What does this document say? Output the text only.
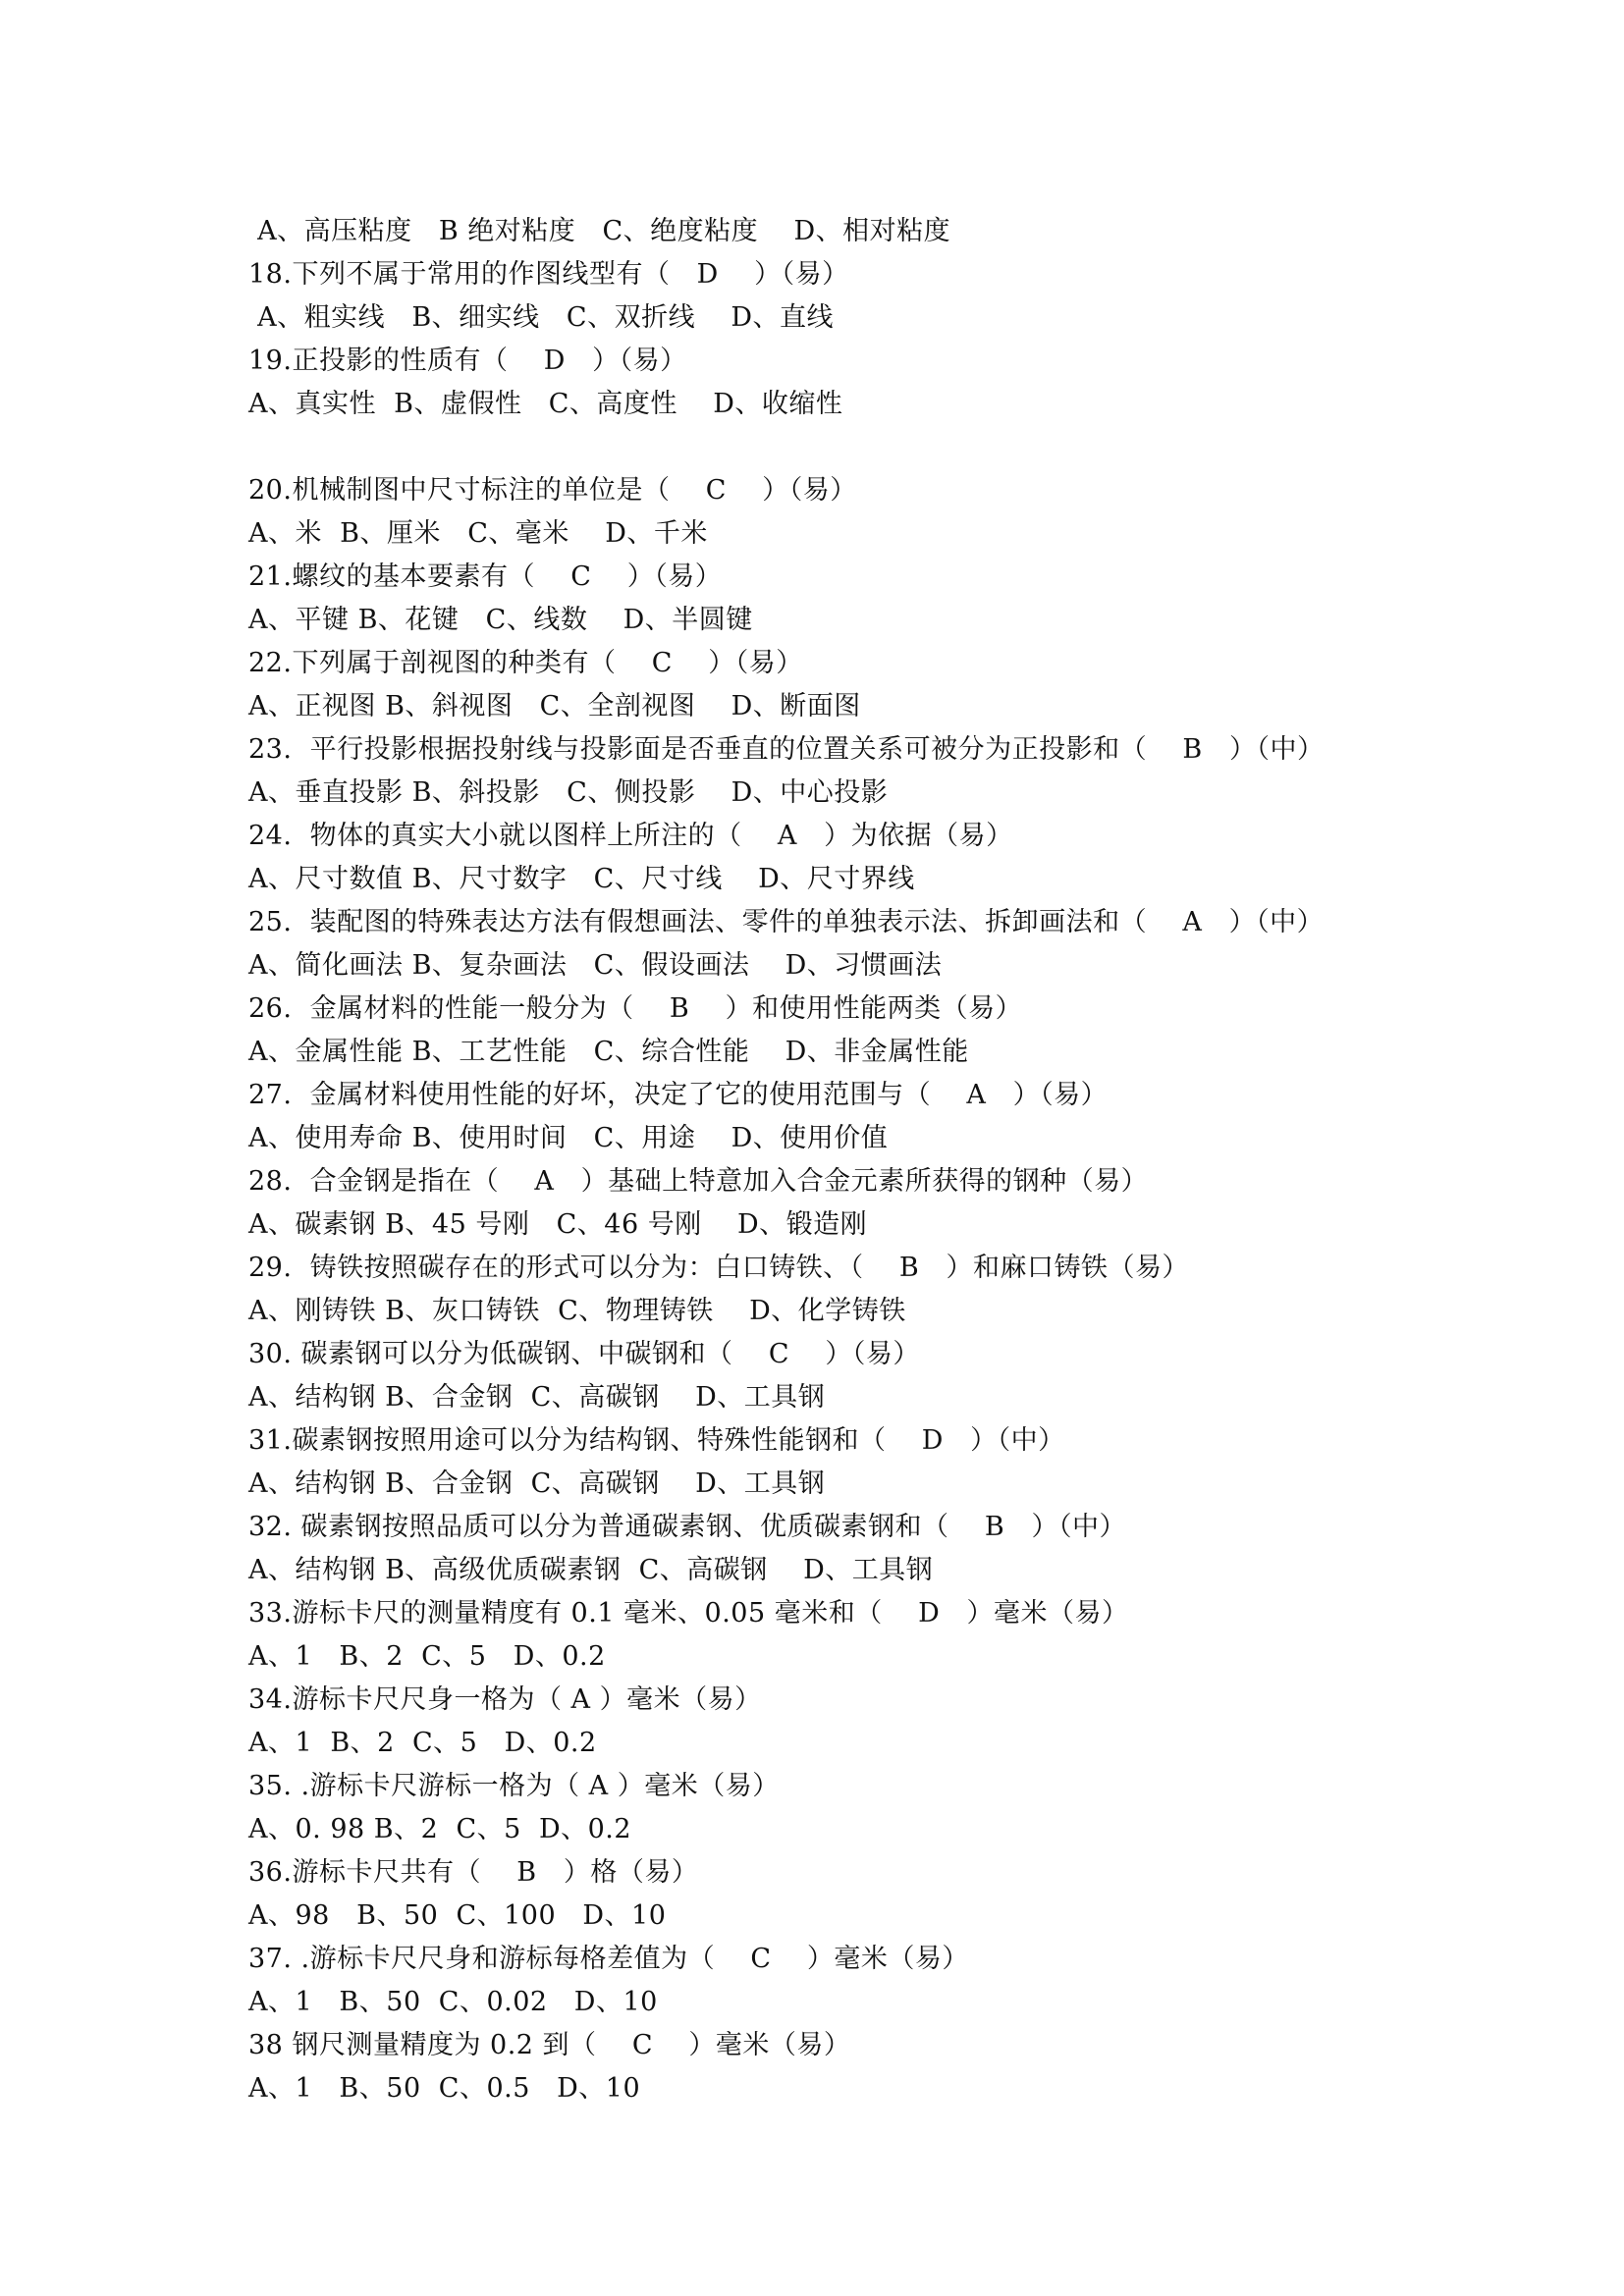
A、高压粘度   B 绝对粘度   C、绝度粘度    D、相对粘度
18.下列不属于常用的作图线型有（   D    ）（易）
A、粗实线   B、细实线   C、双折线    D、直线
19.正投影的性质有（    D   ）（易）
A、真实性  B、虚假性   C、高度性    D、收缩性
20.机械制图中尺寸标注的单位是（    C    ）（易）
A、米  B、厘米   C、毫米    D、千米
21.螺纹的基本要素有（    C    ）（易）
A、平键 B、花键   C、线数    D、半圆键
22.下列属于剖视图的种类有（    C    ）（易）
A、正视图 B、斜视图   C、全剖视图    D、断面图
23.  平行投影根据投射线与投影面是否垂直的位置关系可被分为正投影和（    B   ）（中）
A、垂直投影 B、斜投影   C、侧投影    D、中心投影
24.  物体的真实大小就以图样上所注的（    A   ）为依据（易）
A、尺寸数值 B、尺寸数字   C、尺寸线    D、尺寸界线
25.  装配图的特殊表达方法有假想画法、零件的单独表示法、拆卸画法和（    A   ）（中）
A、简化画法 B、复杂画法   C、假设画法    D、习惯画法
26.  金属材料的性能一般分为（    B    ）和使用性能两类（易）
A、金属性能 B、工艺性能   C、综合性能    D、非金属性能
27.  金属材料使用性能的好坏，决定了它的使用范围与（    A   ）（易）
A、使用寿命 B、使用时间   C、用途    D、使用价值
28.  合金钢是指在（    A   ）基础上特意加入合金元素所获得的钢种（易）
A、碳素钢 B、45 号刚   C、46 号刚    D、锻造刚
29.  铸铁按照碳存在的形式可以分为：白口铸铁、（    B   ）和麻口铸铁（易）
A、刚铸铁 B、灰口铸铁  C、物理铸铁    D、化学铸铁
30. 碳素钢可以分为低碳钢、中碳钢和（    C    ）（易）
A、结构钢 B、合金钢  C、高碳钢    D、工具钢
31.碳素钢按照用途可以分为结构钢、特殊性能钢和（    D   ）（中）
A、结构钢 B、合金钢  C、高碳钢    D、工具钢
32. 碳素钢按照品质可以分为普通碳素钢、优质碳素钢和（    B   ）（中）
A、结构钢 B、高级优质碳素钢  C、高碳钢    D、工具钢
33.游标卡尺的测量精度有 0.1 毫米、0.05 毫米和（    D   ）毫米（易）
A、1   B、2  C、5   D、0.2
34.游标卡尺尺身一格为（ A ）毫米（易）
A、1  B、2  C、5   D、0.2
35. .游标卡尺游标一格为（ A ）毫米（易）
A、0. 98 B、2  C、5  D、0.2
36.游标卡尺共有（    B   ）格（易）
A、98   B、50  C、100   D、10
37. .游标卡尺尺身和游标每格差值为（    C    ）毫米（易）
A、1   B、50  C、0.02   D、10
38 钢尺测量精度为 0.2 到（    C    ）毫米（易）
A、1   B、50  C、0.5   D、10
